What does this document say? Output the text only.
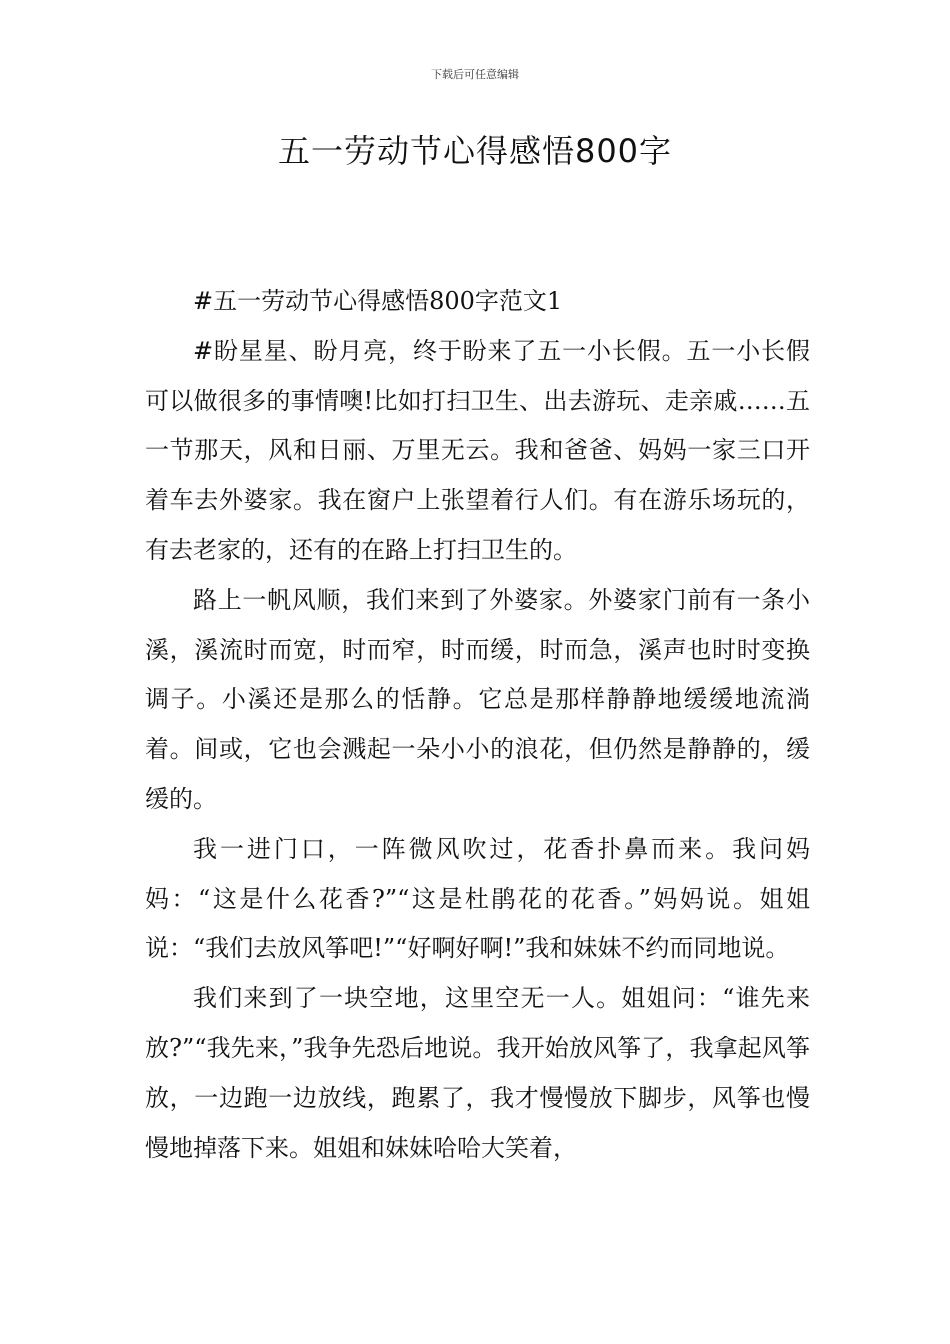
下载后可任意编辑
五一劳动节心得感悟800字

#五一劳动节心得感悟800字范文1

#盼星星、盼月亮，终于盼来了五一小长假。五一小长假可以做很多的事情噢!比如打扫卫生、出去游玩、走亲戚……五一节那天，风和日丽、万里无云。我和爸爸、妈妈一家三口开着车去外婆家。我在窗户上张望着行人们。有在游乐场玩的，有去老家的，还有的在路上打扫卫生的。

路上一帆风顺，我们来到了外婆家。外婆家门前有一条小溪，溪流时而宽，时而窄，时而缓，时而急，溪声也时时变换调子。小溪还是那么的恬静。它总是那样静静地缓缓地流淌着。间或，它也会溅起一朵小小的浪花，但仍然是静静的，缓缓的。

我一进门口，一阵微风吹过，花香扑鼻而来。我问妈妈：“这是什么花香?”“这是杜鹃花的花香。”妈妈说。姐姐说：“我们去放风筝吧!”“好啊好啊!”我和妹妹不约而同地说。

我们来到了一块空地，这里空无一人。姐姐问：“谁先来放?”“我先来，”我争先恐后地说。我开始放风筝了，我拿起风筝放，一边跑一边放线，跑累了，我才慢慢放下脚步，风筝也慢慢地掉落下来。姐姐和妹妹哈哈大笑着，
